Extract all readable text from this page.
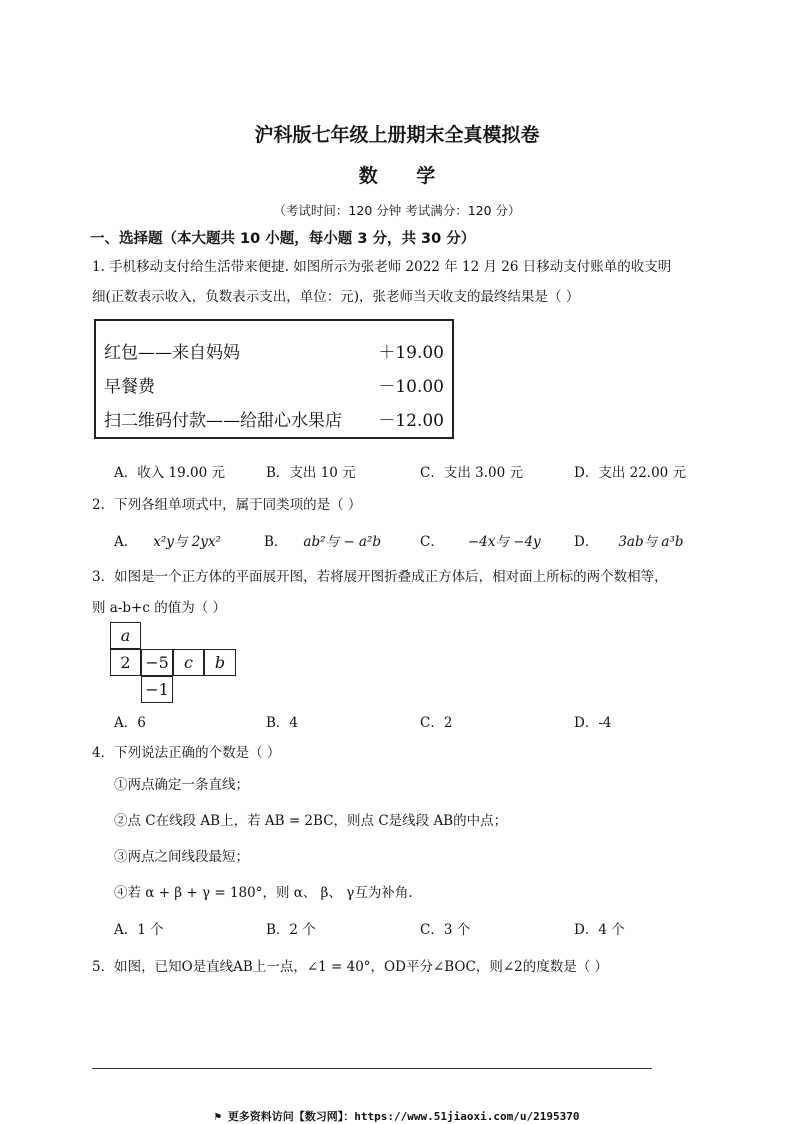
沪科版七年级上册期末全真模拟卷
数 学
（考试时间：120 分钟 考试满分：120 分）
一、选择题（本大题共 10 小题，每小题 3 分，共 30 分）
1. 手机移动支付给生活带来便捷. 如图所示为张老师 2022 年 12 月 26 日移动支付账单的收支明
细(正数表示收入，负数表示支出，单位：元)，张老师当天收支的最终结果是（ ）
红包——来自妈妈	＋19.00
早餐费	－10.00
扫二维码付款——给甜心水果店 －12.00
A．收入 19.00 元	B．支出 10 元	C．支出 3.00 元	D．支出 22.00 元
2．下列各组单项式中，属于同类项的是（ ）
A． x²y与 2yx²	B． ab²与 − a²b	C． −4x与 −4y D． 3ab与 a³b
3．如图是一个正方体的平面展开图，若将展开图折叠成正方体后，相对面上所标的两个数相等，
则 a-b+c 的值为（ ）
a
2 −5 c	b
−1
A．6	B．4	C．2	D．-4
4．下列说法正确的个数是（ ）
①两点确定一条直线；
②点 C在线段 AB上，若 AB = 2BC，则点 C是线段 AB的中点；
③两点之间线段最短；
④若 α + β + γ = 180°，则 α、 β、 γ互为补角.
A．1 个	B．2 个	C．3 个	D．4 个
5．如图，已知O是直线AB上一点，∠1 = 40°，OD平分∠BOC，则∠2的度数是（ ）
⚑ 更多资料访问【数习网】：https://www.51jiaoxi.com/u/2195370
